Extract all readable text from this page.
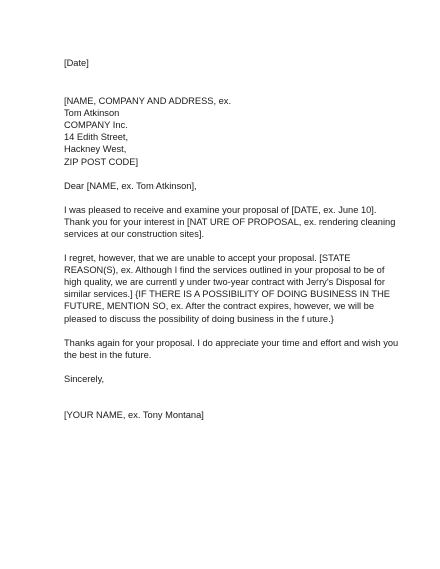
[Date]
[NAME, COMPANY AND ADDRESS, ex.
Tom Atkinson
COMPANY Inc.
14 Edith Street,
Hackney West,
ZIP POST CODE]
Dear [NAME, ex. Tom Atkinson],
I was pleased to receive and examine your proposal of [DATE, ex. June 10].
Thank you for your interest in [NAT URE OF PROPOSAL, ex. rendering cleaning
services at our construction sites].
I regret, however, that we are unable to accept your proposal. [STATE
REASON(S), ex. Although I find the services outlined in your proposal to be of
high quality, we are currentl y under two-year contract with Jerry's Disposal for
similar services.] {IF THERE IS A POSSIBILITY OF DOING BUSINESS IN THE
FUTURE, MENTION SO, ex. After the contract expires, however, we will be
pleased to discuss the possibility of doing business in the f uture.}
Thanks again for your proposal. I do appreciate your time and effort and wish you
the best in the future.
Sincerely,
[YOUR NAME, ex. Tony Montana]
